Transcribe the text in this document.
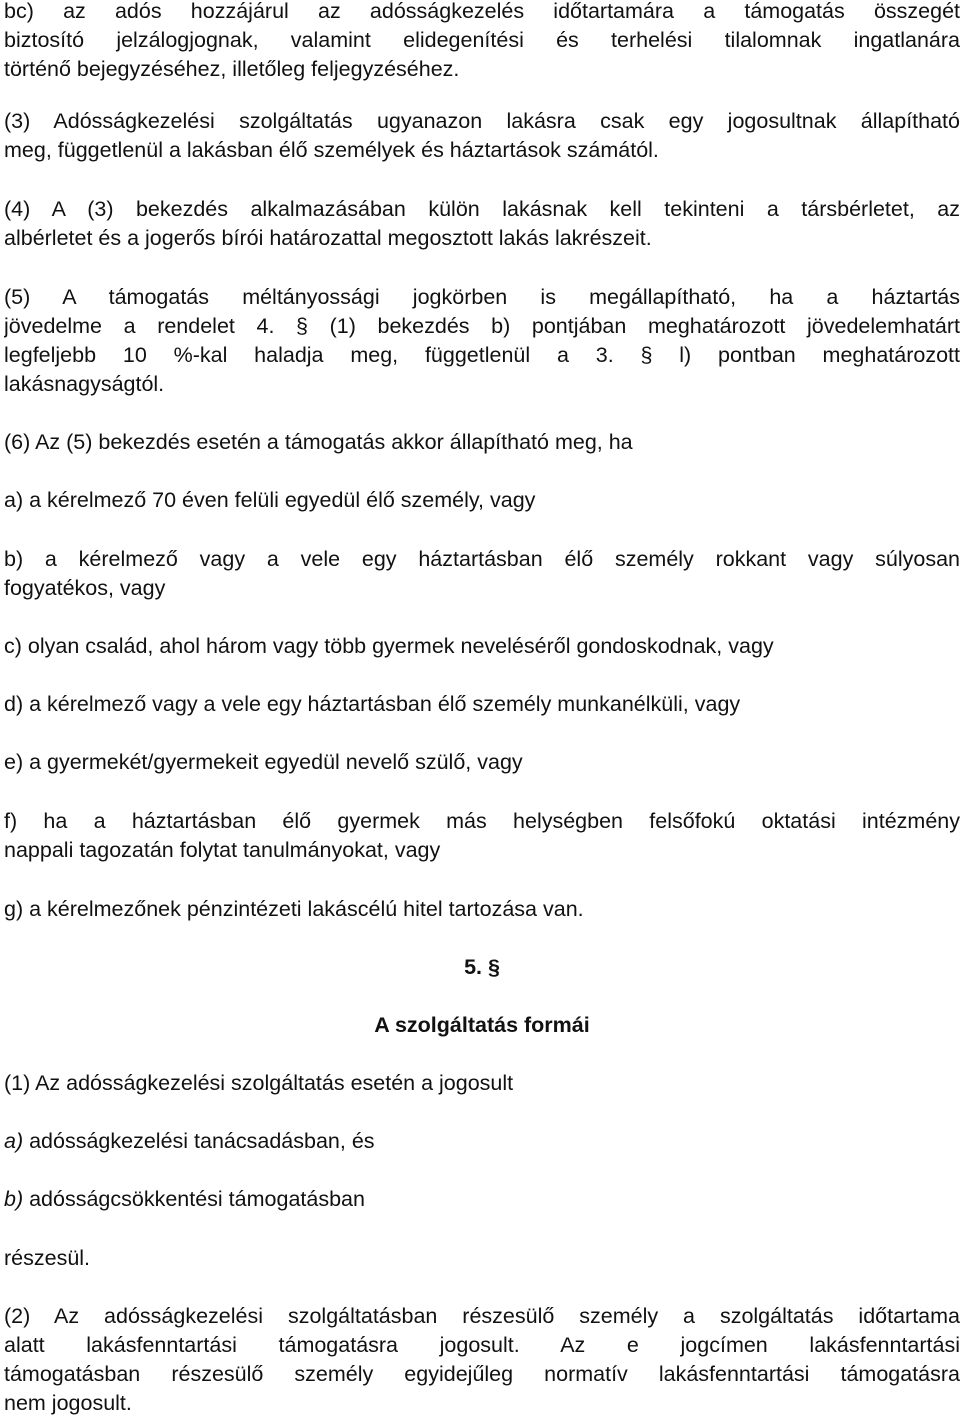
bc) az adós hozzájárul az adósságkezelés időtartamára a támogatás összegét
biztosító jelzálogjognak, valamint elidegenítési és terhelési tilalomnak ingatlanára
történő bejegyzéséhez, illetőleg feljegyzéséhez.
(3) Adósságkezelési szolgáltatás ugyanazon lakásra csak egy jogosultnak állapítható
meg, függetlenül a lakásban élő személyek és háztartások számától.
(4) A (3) bekezdés alkalmazásában külön lakásnak kell tekinteni a társbérletet, az
albérletet és a jogerős bírói határozattal megosztott lakás lakrészeit.
(5) A támogatás méltányossági jogkörben is megállapítható, ha a háztartás
jövedelme a rendelet 4. § (1) bekezdés b) pontjában meghatározott jövedelemhatárt
legfeljebb 10 %-kal haladja meg, függetlenül a 3. § l) pontban meghatározott
lakásnagyságtól.
(6) Az (5) bekezdés esetén a támogatás akkor állapítható meg, ha
a) a kérelmező 70 éven felüli egyedül élő személy, vagy
b) a kérelmező vagy a vele egy háztartásban élő személy rokkant vagy súlyosan
fogyatékos, vagy
c) olyan család, ahol három vagy több gyermek neveléséről gondoskodnak, vagy
d) a kérelmező vagy a vele egy háztartásban élő személy munkanélküli, vagy
e) a gyermekét/gyermekeit egyedül nevelő szülő, vagy
f) ha a háztartásban élő gyermek más helységben felsőfokú oktatási intézmény
nappali tagozatán folytat tanulmányokat, vagy
g) a kérelmezőnek pénzintézeti lakáscélú hitel tartozása van.
5. §
A szolgáltatás formái
(1) Az adósságkezelési szolgáltatás esetén a jogosult
a) adósságkezelési tanácsadásban, és
b) adósságcsökkentési támogatásban
részesül.
(2) Az adósságkezelési szolgáltatásban részesülő személy a szolgáltatás időtartama
alatt lakásfenntartási támogatásra jogosult. Az e jogcímen lakásfenntartási
támogatásban részesülő személy egyidejűleg normatív lakásfenntartási támogatásra
nem jogosult.
